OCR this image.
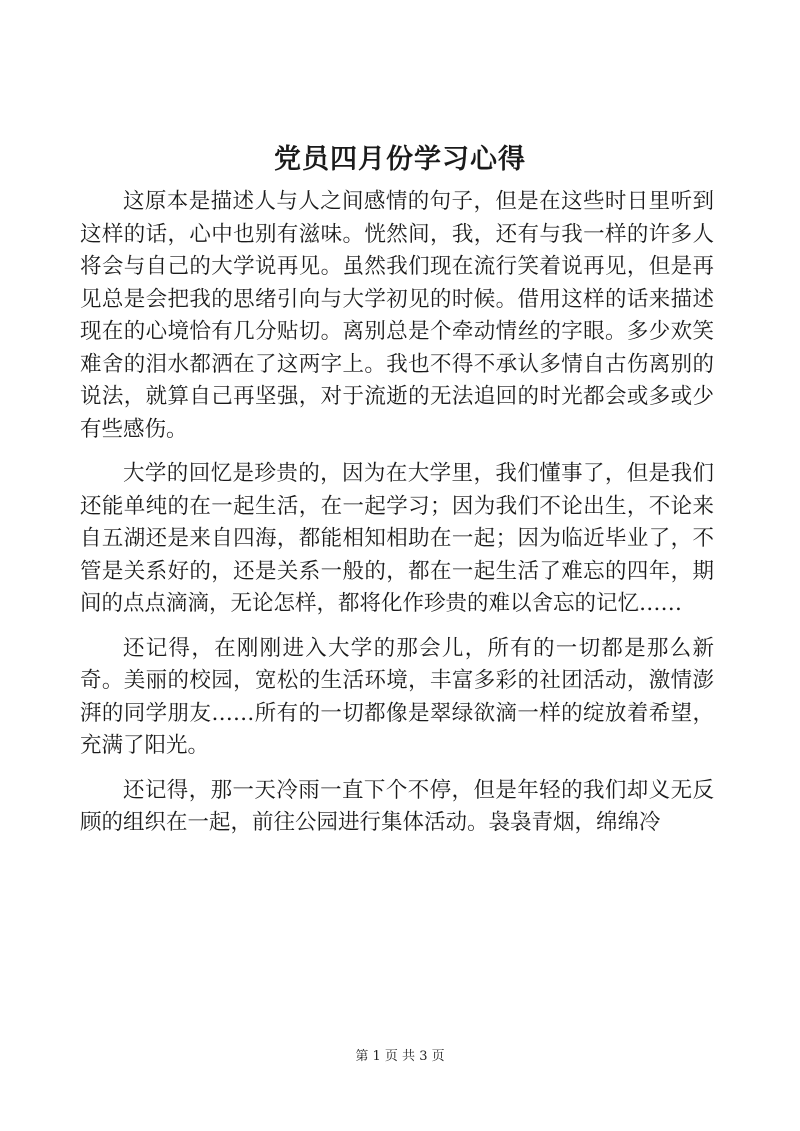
党员四月份学习心得

这原本是描述人与人之间感情的句子，但是在这些时日里听到这样的话，心中也别有滋味。恍然间，我，还有与我一样的许多人将会与自己的大学说再见。虽然我们现在流行笑着说再见，但是再见总是会把我的思绪引向与大学初见的时候。借用这样的话来描述现在的心境恰有几分贴切。离别总是个牵动情丝的字眼。多少欢笑难舍的泪水都洒在了这两字上。我也不得不承认多情自古伤离别的说法，就算自己再坚强，对于流逝的无法追回的时光都会或多或少有些感伤。

大学的回忆是珍贵的，因为在大学里，我们懂事了，但是我们还能单纯的在一起生活，在一起学习；因为我们不论出生，不论来自五湖还是来自四海，都能相知相助在一起；因为临近毕业了，不管是关系好的，还是关系一般的，都在一起生活了难忘的四年，期间的点点滴滴，无论怎样，都将化作珍贵的难以舍忘的记忆……

还记得，在刚刚进入大学的那会儿，所有的一切都是那么新奇。美丽的校园，宽松的生活环境，丰富多彩的社团活动，激情澎湃的同学朋友……所有的一切都像是翠绿欲滴一样的绽放着希望，充满了阳光。

还记得，那一天冷雨一直下个不停，但是年轻的我们却义无反顾的组织在一起，前往公园进行集体活动。袅袅青烟，绵绵冷

第 1 页 共 3 页
